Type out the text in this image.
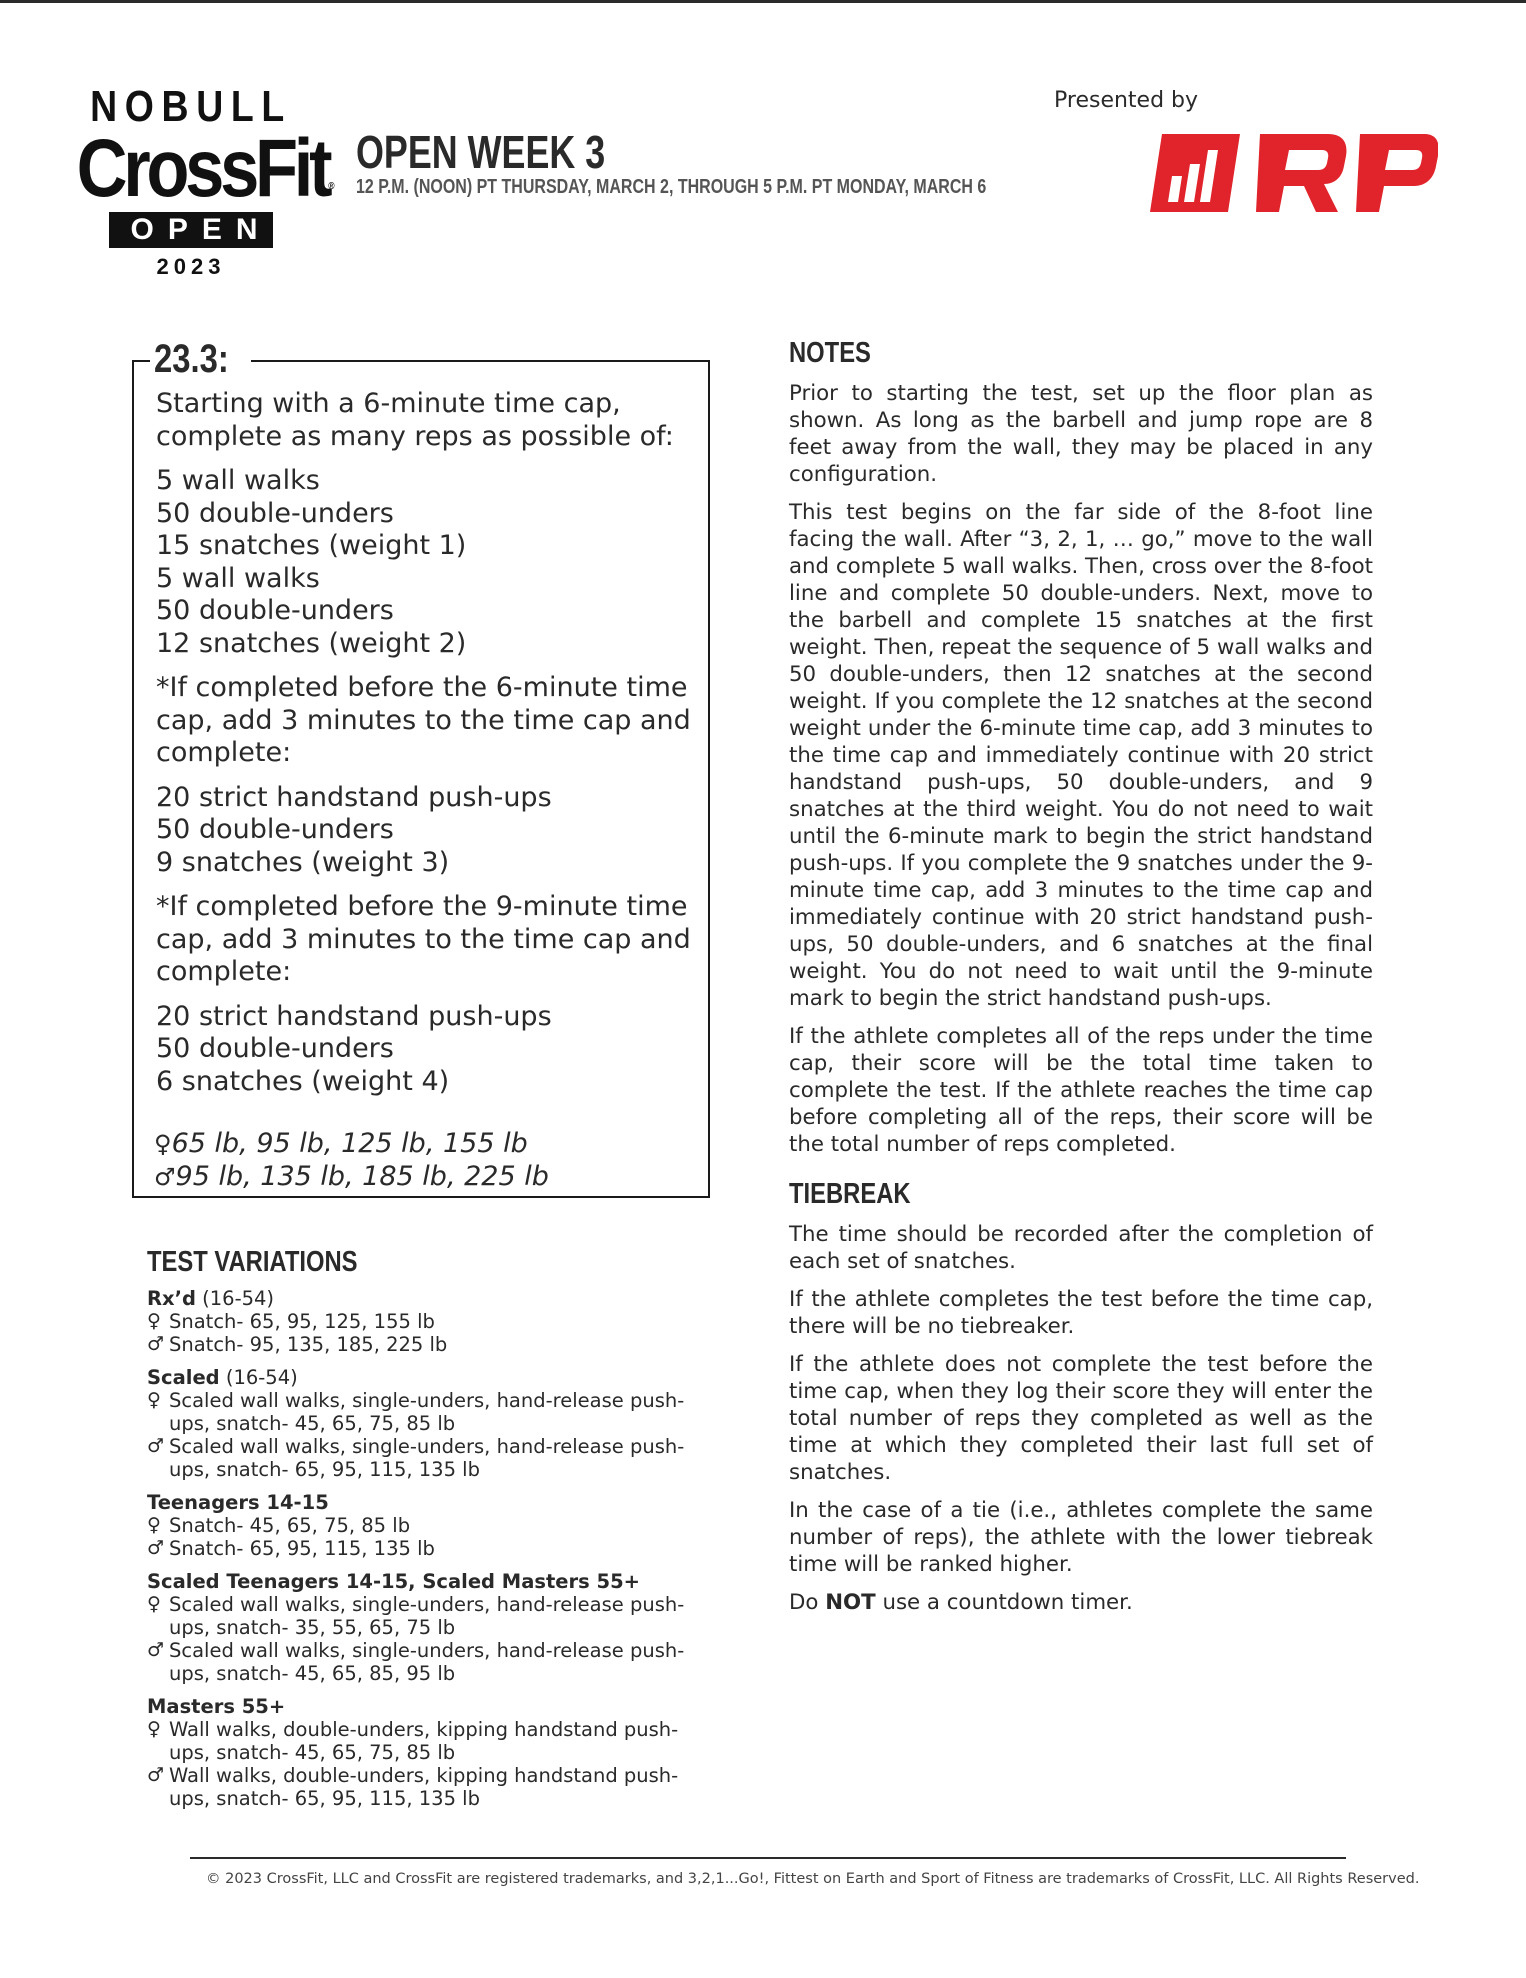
NOBULL
CrossFit®
OPEN
2023
OPEN WEEK 3
12 P.M. (NOON) PT THURSDAY, MARCH 2, THROUGH 5 P.M. PT MONDAY, MARCH 6
Presented by
23.3:

Starting with a 6-minute time cap, complete as many reps as possible of:

5 wall walks
50 double-unders
15 snatches (weight 1)
5 wall walks
50 double-unders
12 snatches (weight 2)

*If completed before the 6-minute time cap, add 3 minutes to the time cap and complete:

20 strict handstand push-ups
50 double-unders
9 snatches (weight 3)

*If completed before the 9-minute time cap, add 3 minutes to the time cap and complete:

20 strict handstand push-ups
50 double-unders
6 snatches (weight 4)
♀65 lb, 95 lb, 125 lb, 155 lb
♂95 lb, 135 lb, 185 lb, 225 lb
TEST VARIATIONS
Rx’d (16-54)
♀ Snatch- 65, 95, 125, 155 lb
♂ Snatch- 95, 135, 185, 225 lb
Scaled (16-54)
♀ Scaled wall walks, single-unders, hand-release push-ups, snatch- 45, 65, 75, 85 lb
♂ Scaled wall walks, single-unders, hand-release push-ups, snatch- 65, 95, 115, 135 lb
Teenagers 14-15
♀ Snatch- 45, 65, 75, 85 lb
♂ Snatch- 65, 95, 115, 135 lb
Scaled Teenagers 14-15, Scaled Masters 55+
♀ Scaled wall walks, single-unders, hand-release push-ups, snatch- 35, 55, 65, 75 lb
♂ Scaled wall walks, single-unders, hand-release push-ups, snatch- 45, 65, 85, 95 lb
Masters 55+
♀ Wall walks, double-unders, kipping handstand push-ups, snatch- 45, 65, 75, 85 lb
♂ Wall walks, double-unders, kipping handstand push-ups, snatch- 65, 95, 115, 135 lb
NOTES

Prior to starting the test, set up the floor plan as shown. As long as the barbell and jump rope are 8 feet away from the wall, they may be placed in any configuration.

This test begins on the far side of the 8-foot line facing the wall. After “3, 2, 1, … go,” move to the wall and complete 5 wall walks. Then, cross over the 8-foot line and complete 50 double-unders. Next, move to the barbell and complete 15 snatches at the first weight. Then, repeat the sequence of 5 wall walks and 50 double-unders, then 12 snatches at the second weight. If you complete the 12 snatches at the second weight under the 6-minute time cap, add 3 minutes to the time cap and immediately continue with 20 strict handstand push-ups, 50 double-unders, and 9 snatches at the third weight. You do not need to wait until the 6-minute mark to begin the strict handstand push-ups. If you complete the 9 snatches under the 9-minute time cap, add 3 minutes to the time cap and immediately continue with 20 strict handstand push-ups, 50 double-unders, and 6 snatches at the final weight. You do not need to wait until the 9-minute mark to begin the strict handstand push-ups.

If the athlete completes all of the reps under the time cap, their score will be the total time taken to complete the test. If the athlete reaches the time cap before completing all of the reps, their score will be the total number of reps completed.

TIEBREAK

The time should be recorded after the completion of each set of snatches.

If the athlete completes the test before the time cap, there will be no tiebreaker.

If the athlete does not complete the test before the time cap, when they log their score they will enter the total number of reps they completed as well as the time at which they completed their last full set of snatches.

In the case of a tie (i.e., athletes complete the same number of reps), the athlete with the lower tiebreak time will be ranked higher.

Do NOT use a countdown timer.

© 2023 CrossFit, LLC and CrossFit are registered trademarks, and 3,2,1...Go!, Fittest on Earth and Sport of Fitness are trademarks of CrossFit, LLC. All Rights Reserved.
